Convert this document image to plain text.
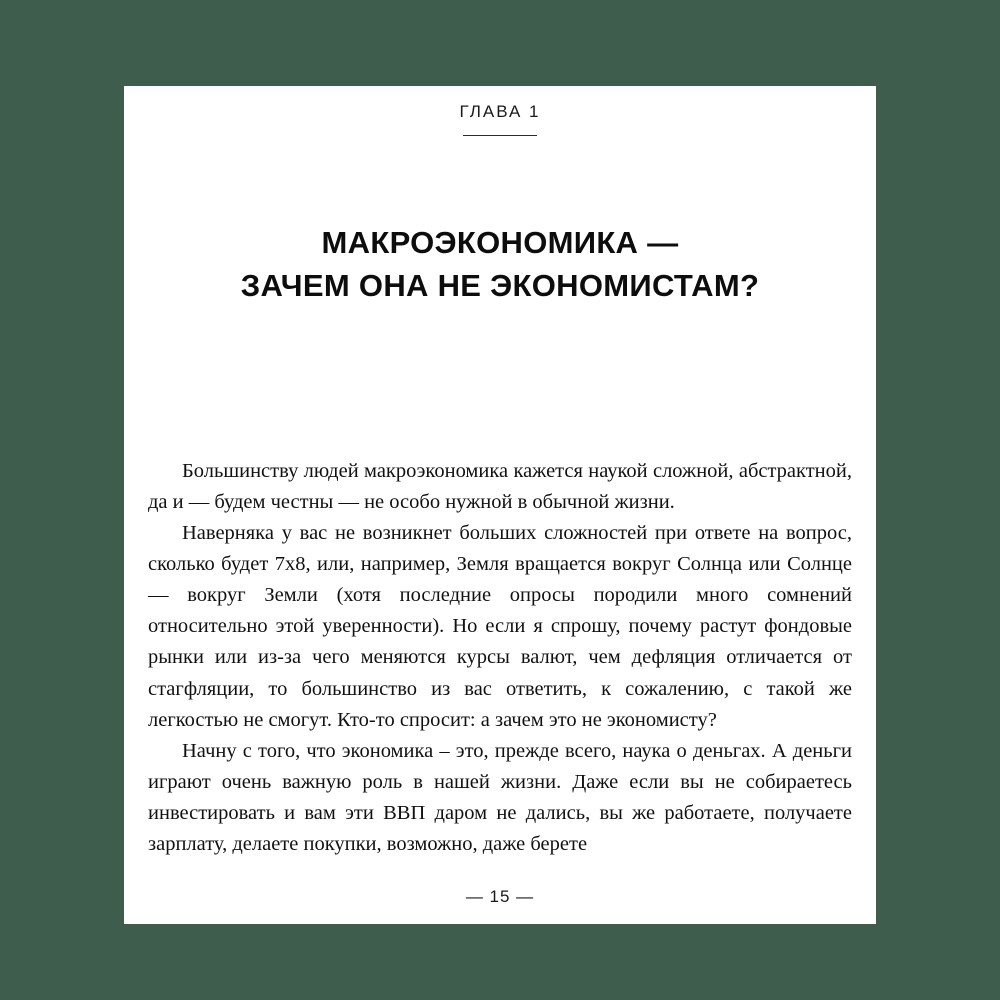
ГЛАВА 1
МАКРОЭКОНОМИКА —
ЗАЧЕМ ОНА НЕ ЭКОНОМИСТАМ?

Большинству людей макроэкономика кажется наукой сложной, абстрактной, да и — будем честны — не особо нужной в обычной жизни.

Наверняка у вас не возникнет больших сложностей при ответе на вопрос, сколько будет 7х8, или, например, Земля вращается вокруг Солнца или Солнце — вокруг Земли (хотя последние опросы породили много сомнений относительно этой уверенности). Но если я спрошу, почему растут фондовые рынки или из-за чего меняются курсы валют, чем дефляция отличается от стагфляции, то большинство из вас ответить, к сожалению, с такой же легкостью не смогут. Кто-то спросит: а зачем это не экономисту?

Начну с того, что экономика – это, прежде всего, наука о деньгах. А деньги играют очень важную роль в нашей жизни. Даже если вы не собираетесь инвестировать и вам эти ВВП даром не дались, вы же работаете, получаете зарплату, делаете покупки, возможно, даже берете

— 15 —
